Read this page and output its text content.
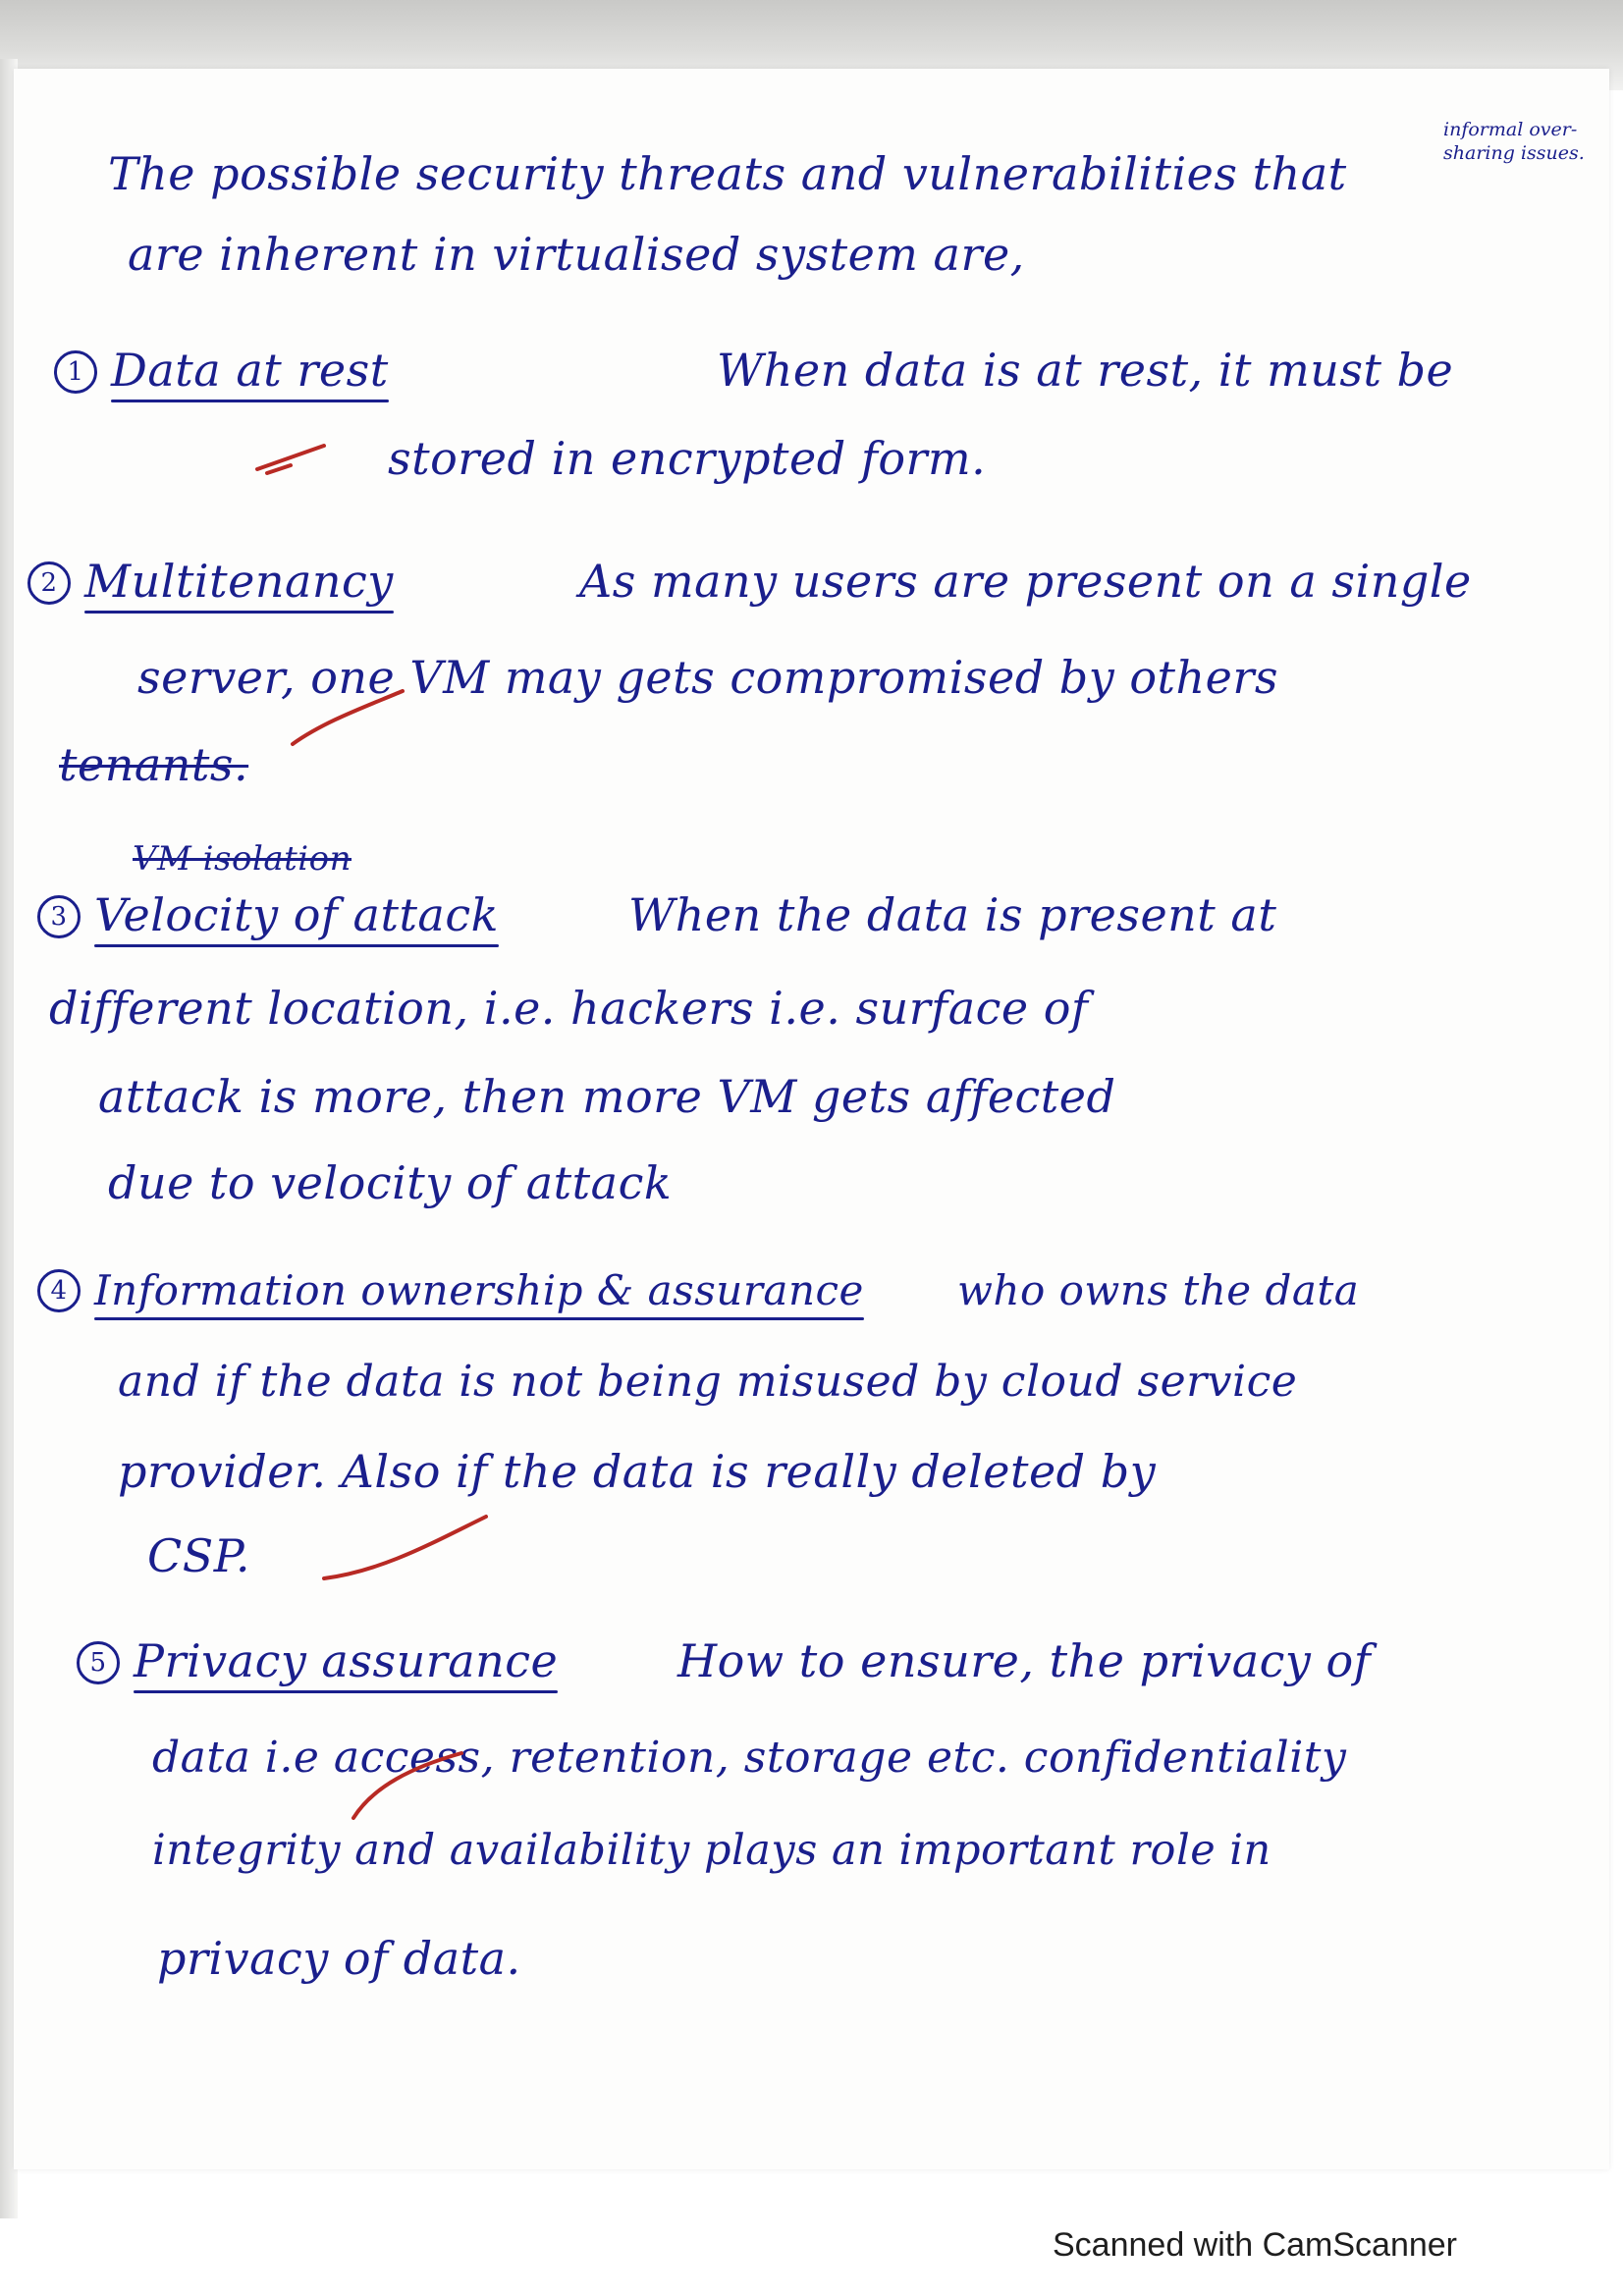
informal over-sharing issues.
The possible security threats and vulnerabilities that
are inherent in virtualised system are,
1 Data at rest	When data is at rest, it must be
stored in encrypted form.
2 Multitenancy	As many users are present on a single
server, one VM may gets compromised by others
tenants.
VM isolation
3 Velocity of attack	When the data is present at
different location, i.e. hackers i.e. surface of
attack is more, then more VM gets affected
due to velocity of attack
4 Information ownership & assurance who owns the data
and if the data is not being misused by cloud service
provider. Also if the data is really deleted by
CSP.
5 Privacy assurance	How to ensure, the privacy of
data i.e access, retention, storage etc. confidentiality
integrity and availability plays an important role in
privacy of data.
Scanned with CamScanner
